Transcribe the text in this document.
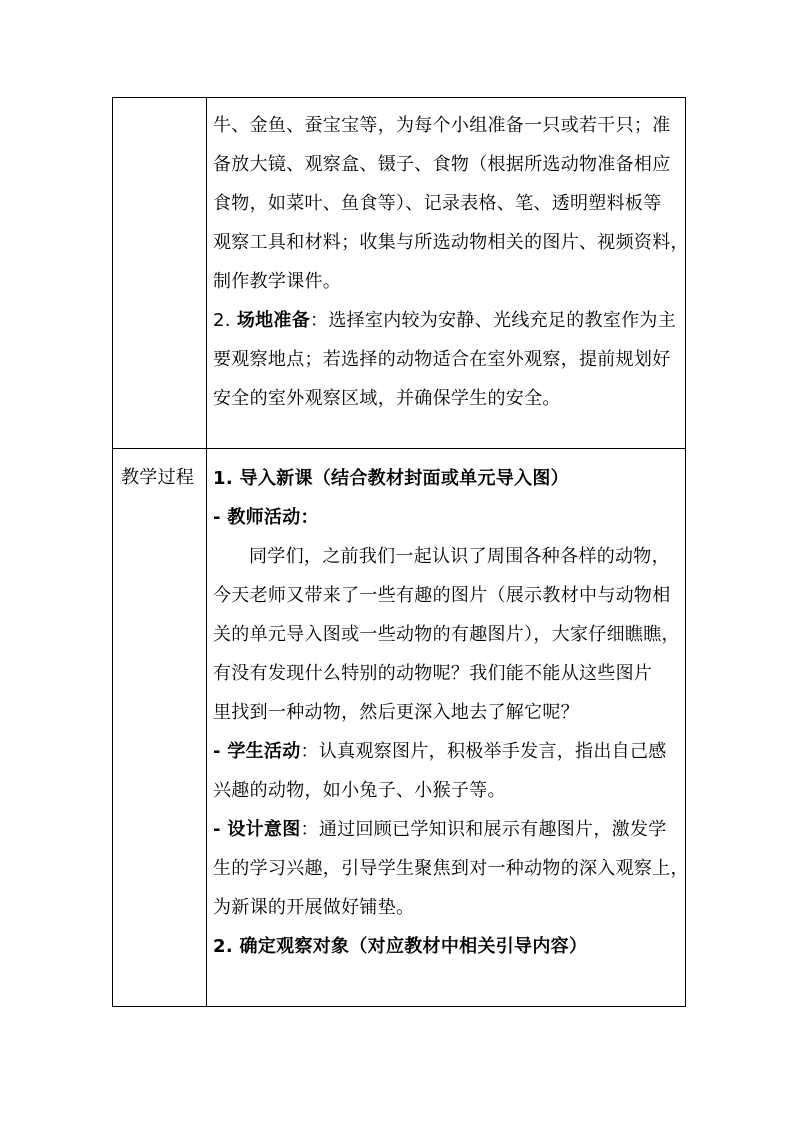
牛、金鱼、蚕宝宝等，为每个小组准备一只或若干只；准
备放大镜、观察盒、镊子、食物（根据所选动物准备相应
食物，如菜叶、鱼食等）、记录表格、笔、透明塑料板等
观察工具和材料；收集与所选动物相关的图片、视频资料，
制作教学课件。
2. 场地准备：选择室内较为安静、光线充足的教室作为主
要观察地点；若选择的动物适合在室外观察，提前规划好
安全的室外观察区域，并确保学生的安全。
教学过程 1. 导入新课（结合教材封面或单元导入图）
- 教师活动：
同学们，之前我们一起认识了周围各种各样的动物，
今天老师又带来了一些有趣的图片（展示教材中与动物相
关的单元导入图或一些动物的有趣图片），大家仔细瞧瞧，
有没有发现什么特别的动物呢？我们能不能从这些图片
里找到一种动物，然后更深入地去了解它呢？
- 学生活动：认真观察图片，积极举手发言，指出自己感
兴趣的动物，如小兔子、小猴子等。
- 设计意图：通过回顾已学知识和展示有趣图片，激发学
生的学习兴趣，引导学生聚焦到对一种动物的深入观察上，
为新课的开展做好铺垫。
2. 确定观察对象（对应教材中相关引导内容）
